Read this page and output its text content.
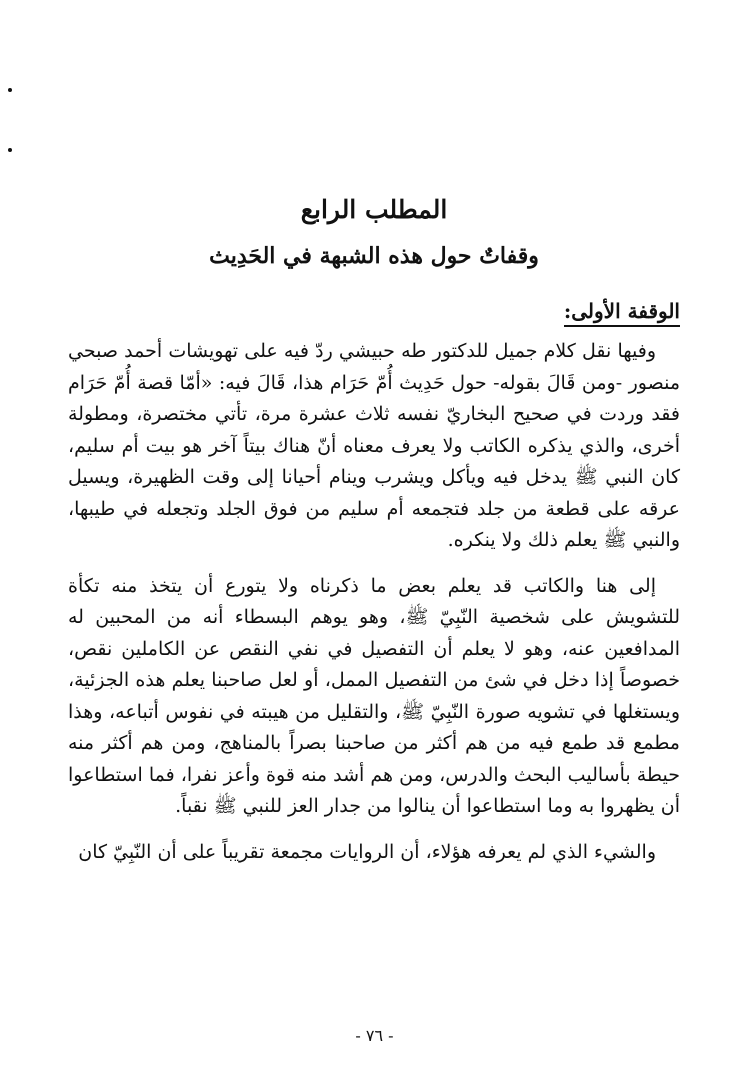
المطلب الرابع
وقفاتٌ حول هذه الشبهة في الحَدِيث
الوقفة الأولى:

وفيها نقل كلام جميل للدكتور طه حبيشي ردّ فيه على تهويشات أحمد صبحي منصور -ومن قَالَ بقوله- حول حَدِيث أُمّ حَرَام هذا، قَالَ فيه: «أمّا قصة أُمّ حَرَام فقد وردت في صحيح البخاريّ نفسه ثلاث عشرة مرة، تأتي مختصرة، ومطولة أخرى، والذي يذكره الكاتب ولا يعرف معناه أنّ هناك بيتاً آخر هو بيت أم سليم، كان النبي ﷺ يدخل فيه ويأكل ويشرب وينام أحيانا إلى وقت الظهيرة، ويسيل عرقه على قطعة من جلد فتجمعه أم سليم من فوق الجلد وتجعله في طيبها، والنبي ﷺ يعلم ذلك ولا ينكره.

إلى هنا والكاتب قد يعلم بعض ما ذكرناه ولا يتورع أن يتخذ منه تكأة للتشويش على شخصية النّبِيّ ﷺ، وهو يوهم البسطاء أنه من المحبين له المدافعين عنه، وهو لا يعلم أن التفصيل في نفي النقص عن الكاملين نقص، خصوصاً إذا دخل في شئ من التفصيل الممل، أو لعل صاحبنا يعلم هذه الجزئية، ويستغلها في تشويه صورة النّبِيّ ﷺ، والتقليل من هيبته في نفوس أتباعه، وهذا مطمع قد طمع فيه من هم أكثر من صاحبنا بصراً بالمناهج، ومن هم أكثر منه حيطة بأساليب البحث والدرس، ومن هم أشد منه قوة وأعز نفرا، فما استطاعوا أن يظهروا به وما استطاعوا أن ينالوا من جدار العز للنبي ﷺ نقباً.

والشيء الذي لم يعرفه هؤلاء، أن الروايات مجمعة تقريباً على أن النّبِيّ كان

- ٧٦ -
